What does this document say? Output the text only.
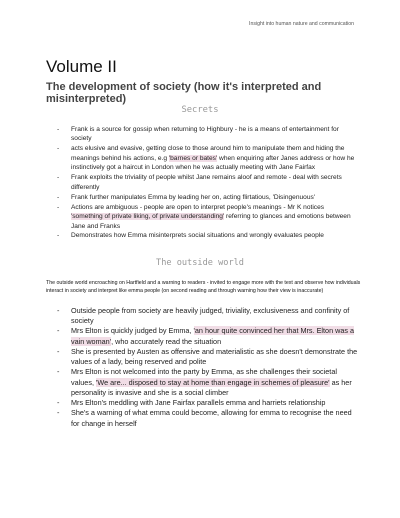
Insight into human nature and communication
Volume II
The development of society (how it's interpreted and misinterpreted)
Secrets
- Frank is a source for gossip when returning to Highbury - he is a means of entertainment for society
- acts elusive and evasive, getting close to those around him to manipulate them and hiding the meanings behind his actions, e.g 'barnes or bates' when enquiring after Janes address or how he instinctively got a haircut in London when he was actually meeting with Jane Fairfax
- Frank exploits the triviality of people whilst Jane remains aloof and remote - deal with secrets differently
- Frank further manipulates Emma by leading her on, acting flirtatious, 'Disingenuous'
- Actions are ambiguous - people are open to interpret people's meanings - Mr K notices 'something of private liking, of private understanding' referring to glances and emotions between Jane and Franks
- Demonstrates how Emma misinterprets social situations and wrongly evaluates people
The outside world

The outside world encroaching on Hartfield and a warning to readers - invited to engage more with the text and observe how individuals interact in society and interpret like emma people (on second reading and through warning how their view is inaccurate)

- Outside people from society are heavily judged, triviality, exclusiveness and confinity of society
- Mrs Elton is quickly judged by Emma, 'an hour quite convinced her that Mrs. Elton was a vain woman', who accurately read the situation
- She is presented by Austen as offensive and materialistic as she doesn't demonstrate the values of a lady, being reserved and polite
- Mrs Elton is not welcomed into the party by Emma, as she challenges their societal values, 'We are... disposed to stay at home than engage in schemes of pleasure' as her personality is invasive and she is a social climber
- Mrs Elton's meddling with Jane Fairfax parallels emma and harriets relationship
- She's a warning of what emma could become, allowing for emma to recognise the need for change in herself
